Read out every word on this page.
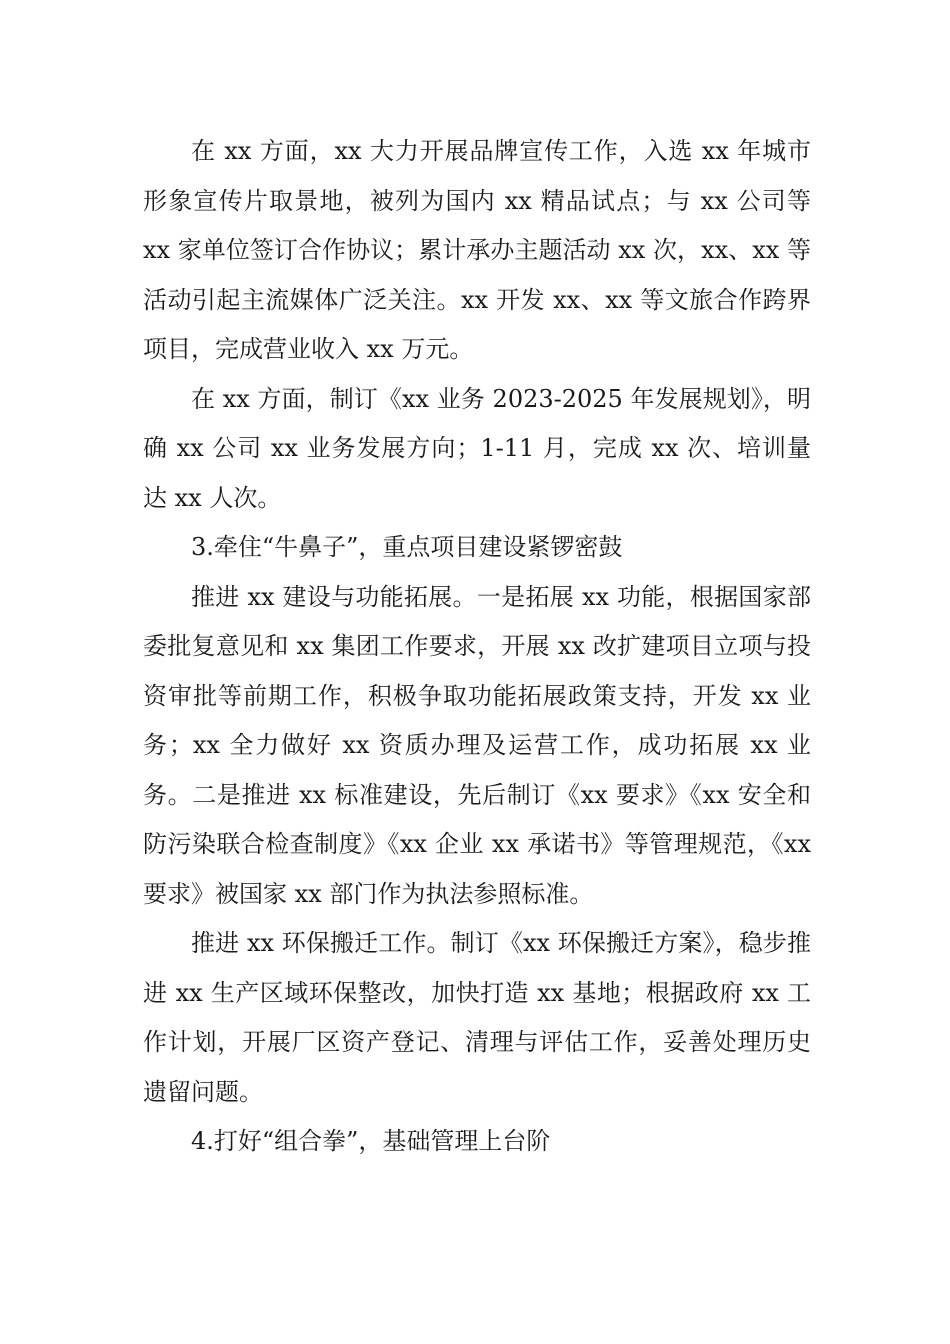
在 xx 方面，xx 大力开展品牌宣传工作，入选 xx 年城市形象宣传片取景地，被列为国内 xx 精品试点；与 xx 公司等 xx 家单位签订合作协议；累计承办主题活动 xx 次，xx、xx 等活动引起主流媒体广泛关注。xx 开发 xx、xx 等文旅合作跨界项目，完成营业收入 xx 万元。

在 xx 方面，制订《xx 业务 2023-2025 年发展规划》，明确 xx 公司 xx 业务发展方向；1-11 月，完成 xx 次、培训量达 xx 人次。

3.牵住“牛鼻子”，重点项目建设紧锣密鼓

推进 xx 建设与功能拓展。一是拓展 xx 功能，根据国家部委批复意见和 xx 集团工作要求，开展 xx 改扩建项目立项与投资审批等前期工作，积极争取功能拓展政策支持，开发 xx 业务；xx 全力做好 xx 资质办理及运营工作，成功拓展 xx 业务。二是推进 xx 标准建设，先后制订《xx 要求》《xx 安全和防污染联合检查制度》《xx 企业 xx 承诺书》等管理规范，《xx 要求》被国家 xx 部门作为执法参照标准。

推进 xx 环保搬迁工作。制订《xx 环保搬迁方案》，稳步推进 xx 生产区域环保整改，加快打造 xx 基地；根据政府 xx 工作计划，开展厂区资产登记、清理与评估工作，妥善处理历史遗留问题。

4.打好“组合拳”，基础管理上台阶
